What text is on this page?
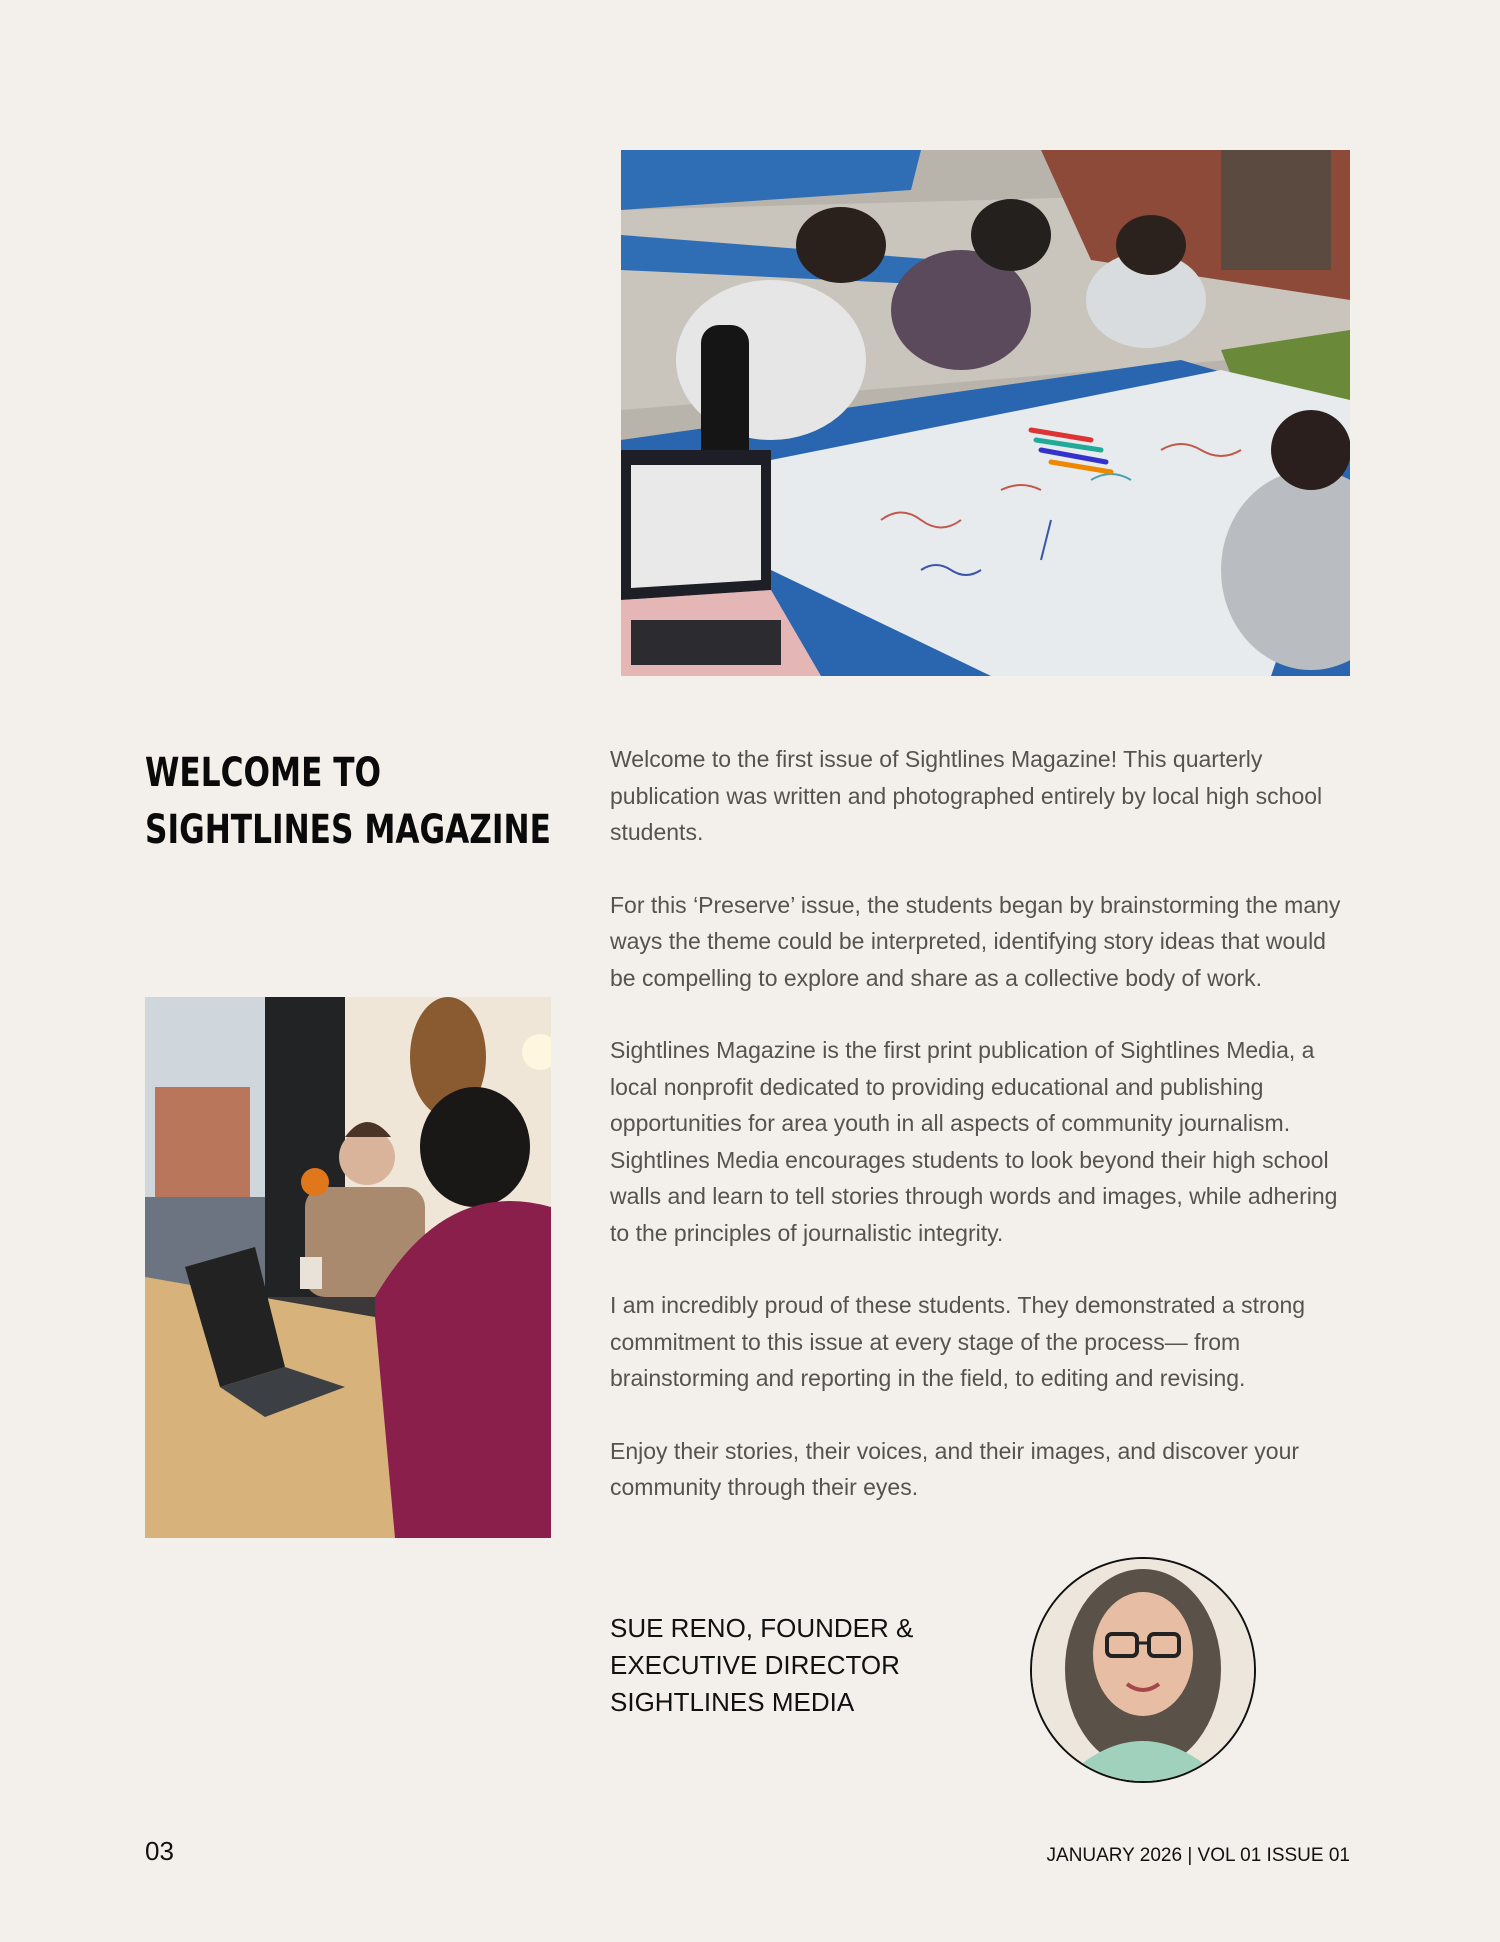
WELCOME TO
SIGHTLINES MAGAZINE

Welcome to the first issue of Sightlines Magazine! This quarterly publication was written and photographed entirely by local high school students.

For this ‘Preserve’ issue, the students began by brainstorming the many ways the theme could be interpreted, identifying story ideas that would be compelling to explore and share as a collective body of work.

Sightlines Magazine is the first print publication of Sightlines Media, a local nonprofit dedicated to providing educational and publishing opportunities for area youth in all aspects of community journalism. Sightlines Media encourages students to look beyond their high school walls and learn to tell stories through words and images, while adhering to the principles of journalistic integrity.

I am incredibly proud of these students. They demonstrated a strong commitment to this issue at every stage of the process— from brainstorming and reporting in the field, to editing and revising.

Enjoy their stories, their voices, and their images, and discover your community through their eyes.

SUE RENO, FOUNDER &
EXECUTIVE DIRECTOR
SIGHTLINES MEDIA
03	JANUARY 2026 | VOL 01 ISSUE 01
